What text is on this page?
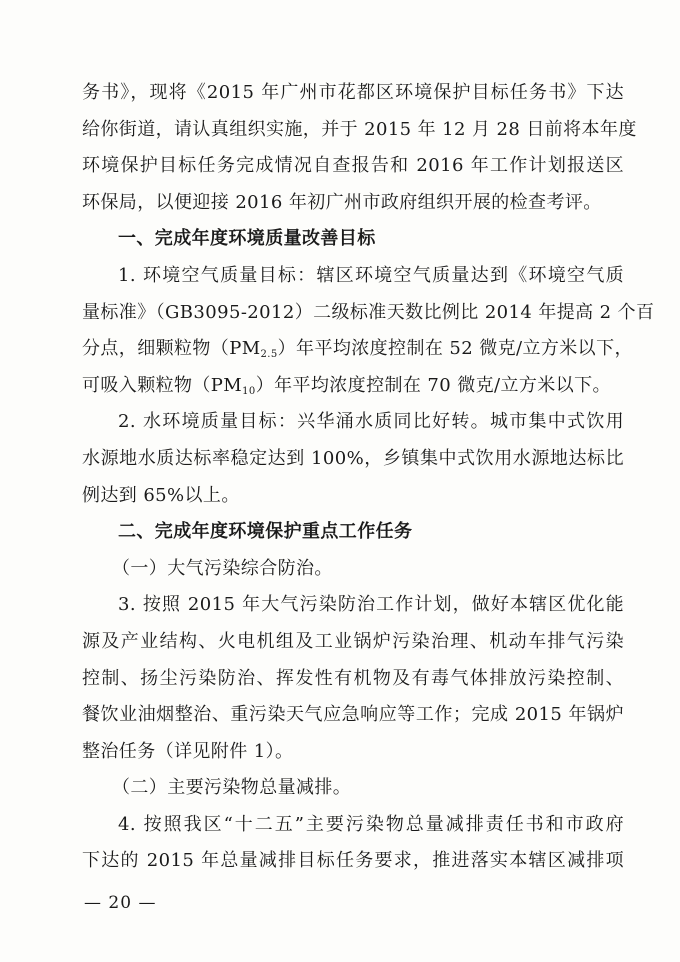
务书》，现将《2015 年广州市花都区环境保护目标任务书》下达
给你街道，请认真组织实施，并于 2015 年 12 月 28 日前将本年度
环境保护目标任务完成情况自查报告和 2016 年工作计划报送区
环保局，以便迎接 2016 年初广州市政府组织开展的检查考评。
一、完成年度环境质量改善目标
1. 环境空气质量目标：辖区环境空气质量达到《环境空气质
量标准》（GB3095-2012）二级标准天数比例比 2014 年提高 2 个百
分点，细颗粒物$(PM_{2.5})$年平均浓度控制在 52 微克/立方米以下，
可吸入颗粒物$(PM_{10})$年平均浓度控制在 70 微克/立方米以下。
2. 水环境质量目标：兴华涌水质同比好转。城市集中式饮用
水源地水质达标率稳定达到 100%，乡镇集中式饮用水源地达标比
例达到 65%以上。
二、完成年度环境保护重点工作任务
（一）大气污染综合防治。
3. 按照 2015 年大气污染防治工作计划，做好本辖区优化能
源及产业结构、火电机组及工业锅炉污染治理、机动车排气污染
控制、扬尘污染防治、挥发性有机物及有毒气体排放污染控制、
餐饮业油烟整治、重污染天气应急响应等工作；完成 2015 年锅炉
整治任务（详见附件 1）。
（二）主要污染物总量减排。
4. 按照我区“十二五”主要污染物总量减排责任书和市政府
下达的 2015 年总量减排目标任务要求，推进落实本辖区减排项
— 20 —
